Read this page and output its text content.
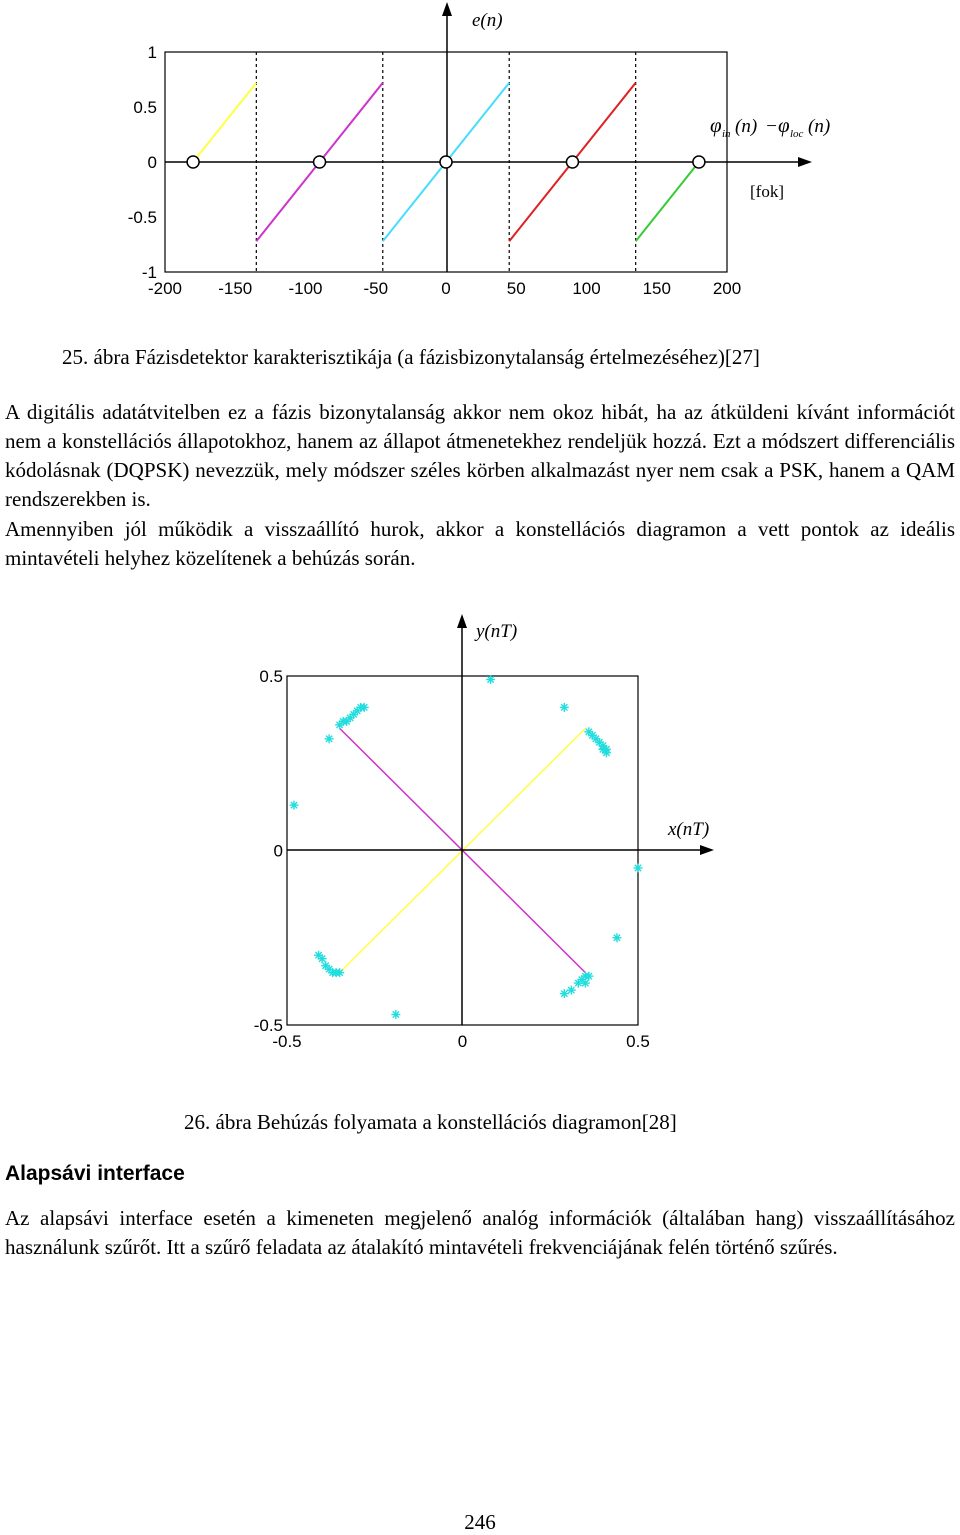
-200 -150 -100 -50	0	50	100 150 200
-1
-0.5
0
0.5
1
e(n)
φ in (n) − φ loc (n)
[fok]
25. ábra Fázisdetektor karakterisztikája (a fázisbizonytalanság értelmezéséhez)[27]

A digitális adatátvitelben ez a fázis bizonytalanság akkor nem okoz hibát, ha az átküldeni kívánt információt nem a konstellációs állapotokhoz, hanem az állapot átmenetekhez rendeljük hozzá. Ezt a módszert differenciális kódolásnak (DQPSK) nevezzük, mely módszer széles körben alkalmazást nyer nem csak a PSK, hanem a QAM rendszerekben is.

Amennyiben jól működik a visszaállító hurok, akkor a konstellációs diagramon a vett pontok az ideális mintavételi helyhez közelítenek a behúzás során.

-0.5	0	0.5
-0.5
0
0.5
y(nT)
x(nT)
26. ábra Behúzás folyamata a konstellációs diagramon[28]
Alapsávi interface

Az alapsávi interface esetén a kimeneten megjelenő analóg információk (általában hang) visszaállításához használunk szűrőt. Itt a szűrő feladata az átalakító mintavételi frekvenciájának felén történő szűrés.

246
